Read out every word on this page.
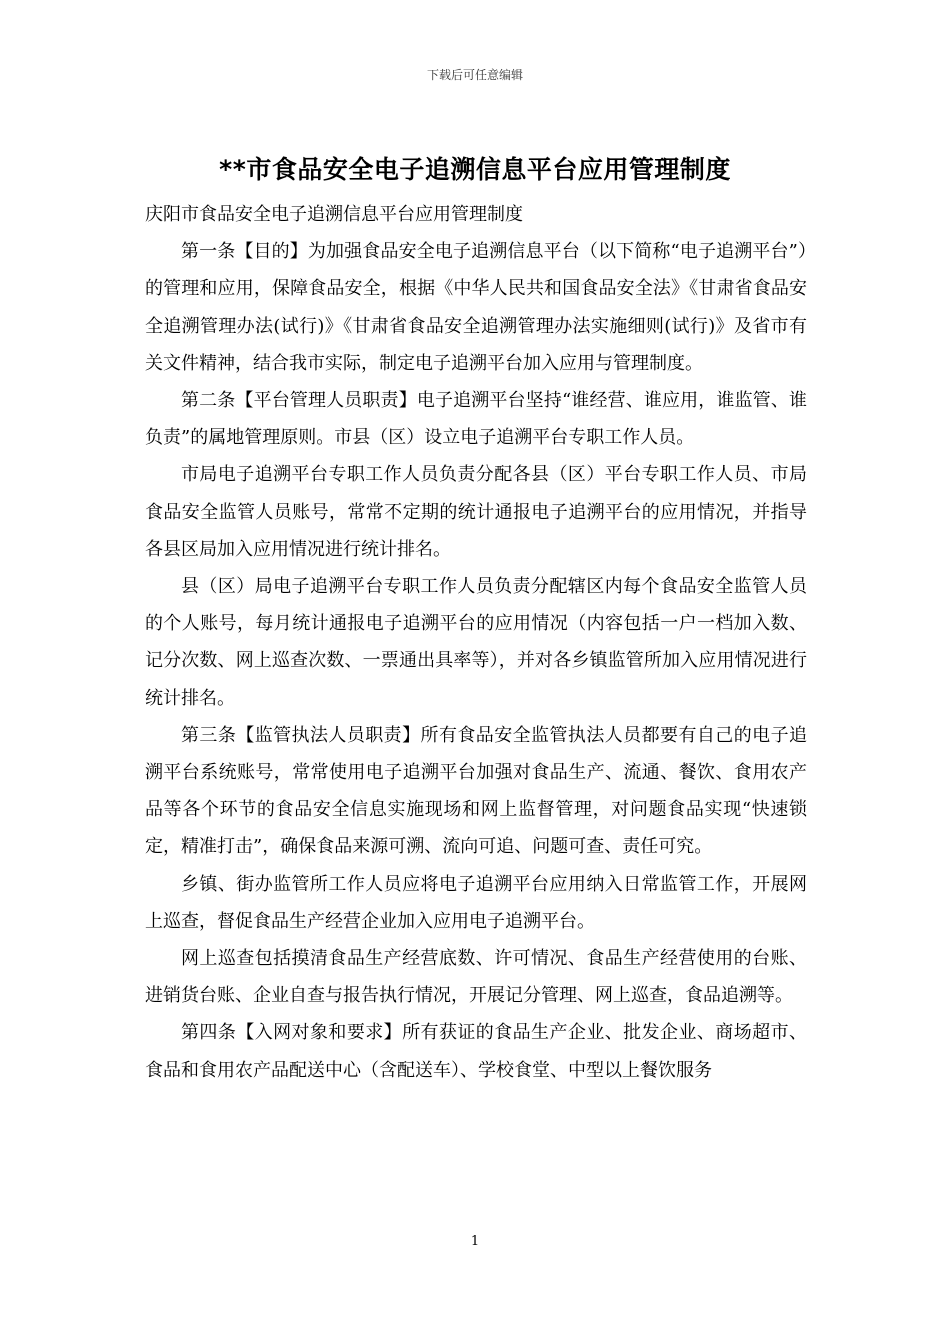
下载后可任意编辑
**市食品安全电子追溯信息平台应用管理制度

庆阳市食品安全电子追溯信息平台应用管理制度

第一条【目的】为加强食品安全电子追溯信息平台（以下简称“电子追溯平台”）的管理和应用，保障食品安全，根据《中华人民共和国食品安全法》《甘肃省食品安全追溯管理办法(试行)》《甘肃省食品安全追溯管理办法实施细则(试行)》及省市有关文件精神，结合我市实际，制定电子追溯平台加入应用与管理制度。

第二条【平台管理人员职责】电子追溯平台坚持“谁经营、谁应用，谁监管、谁负责”的属地管理原则。市县（区）设立电子追溯平台专职工作人员。

市局电子追溯平台专职工作人员负责分配各县（区）平台专职工作人员、市局食品安全监管人员账号，常常不定期的统计通报电子追溯平台的应用情况，并指导各县区局加入应用情况进行统计排名。

县（区）局电子追溯平台专职工作人员负责分配辖区内每个食品安全监管人员的个人账号，每月统计通报电子追溯平台的应用情况（内容包括一户一档加入数、记分次数、网上巡查次数、一票通出具率等），并对各乡镇监管所加入应用情况进行统计排名。

第三条【监管执法人员职责】所有食品安全监管执法人员都要有自己的电子追溯平台系统账号，常常使用电子追溯平台加强对食品生产、流通、餐饮、食用农产品等各个环节的食品安全信息实施现场和网上监督管理，对问题食品实现“快速锁定，精准打击”，确保食品来源可溯、流向可追、问题可查、责任可究。

乡镇、街办监管所工作人员应将电子追溯平台应用纳入日常监管工作，开展网上巡查，督促食品生产经营企业加入应用电子追溯平台。

网上巡查包括摸清食品生产经营底数、许可情况、食品生产经营使用的台账、进销货台账、企业自查与报告执行情况，开展记分管理、网上巡查，食品追溯等。

第四条【入网对象和要求】所有获证的食品生产企业、批发企业、商场超市、食品和食用农产品配送中心（含配送车）、学校食堂、中型以上餐饮服务

1
